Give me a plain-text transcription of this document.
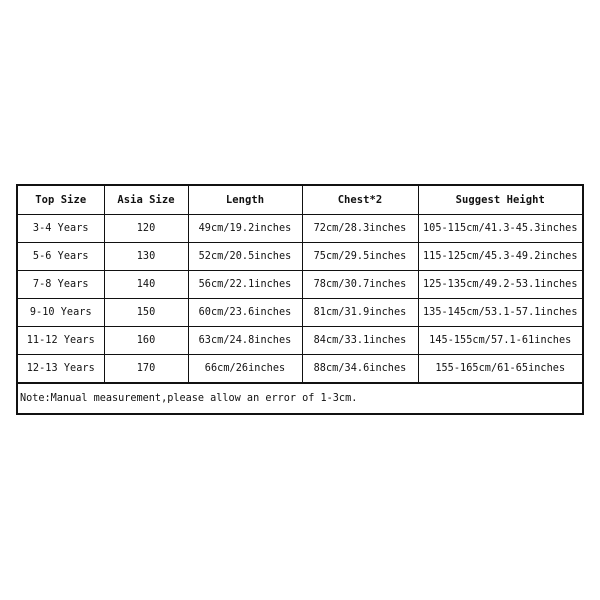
Top Size	Asia Size	Length	Chest*2	Suggest Height
3-4 Years	120	49cm/19.2inches	72cm/28.3inches	105-115cm/41.3-45.3inches
5-6 Years	130	52cm/20.5inches	75cm/29.5inches	115-125cm/45.3-49.2inches
7-8 Years	140	56cm/22.1inches	78cm/30.7inches	125-135cm/49.2-53.1inches
9-10 Years	150	60cm/23.6inches	81cm/31.9inches	135-145cm/53.1-57.1inches
11-12 Years	160	63cm/24.8inches	84cm/33.1inches	145-155cm/57.1-61inches
12-13 Years	170	66cm/26inches	88cm/34.6inches	155-165cm/61-65inches
Note:Manual measurement,please allow an error of 1-3cm.
